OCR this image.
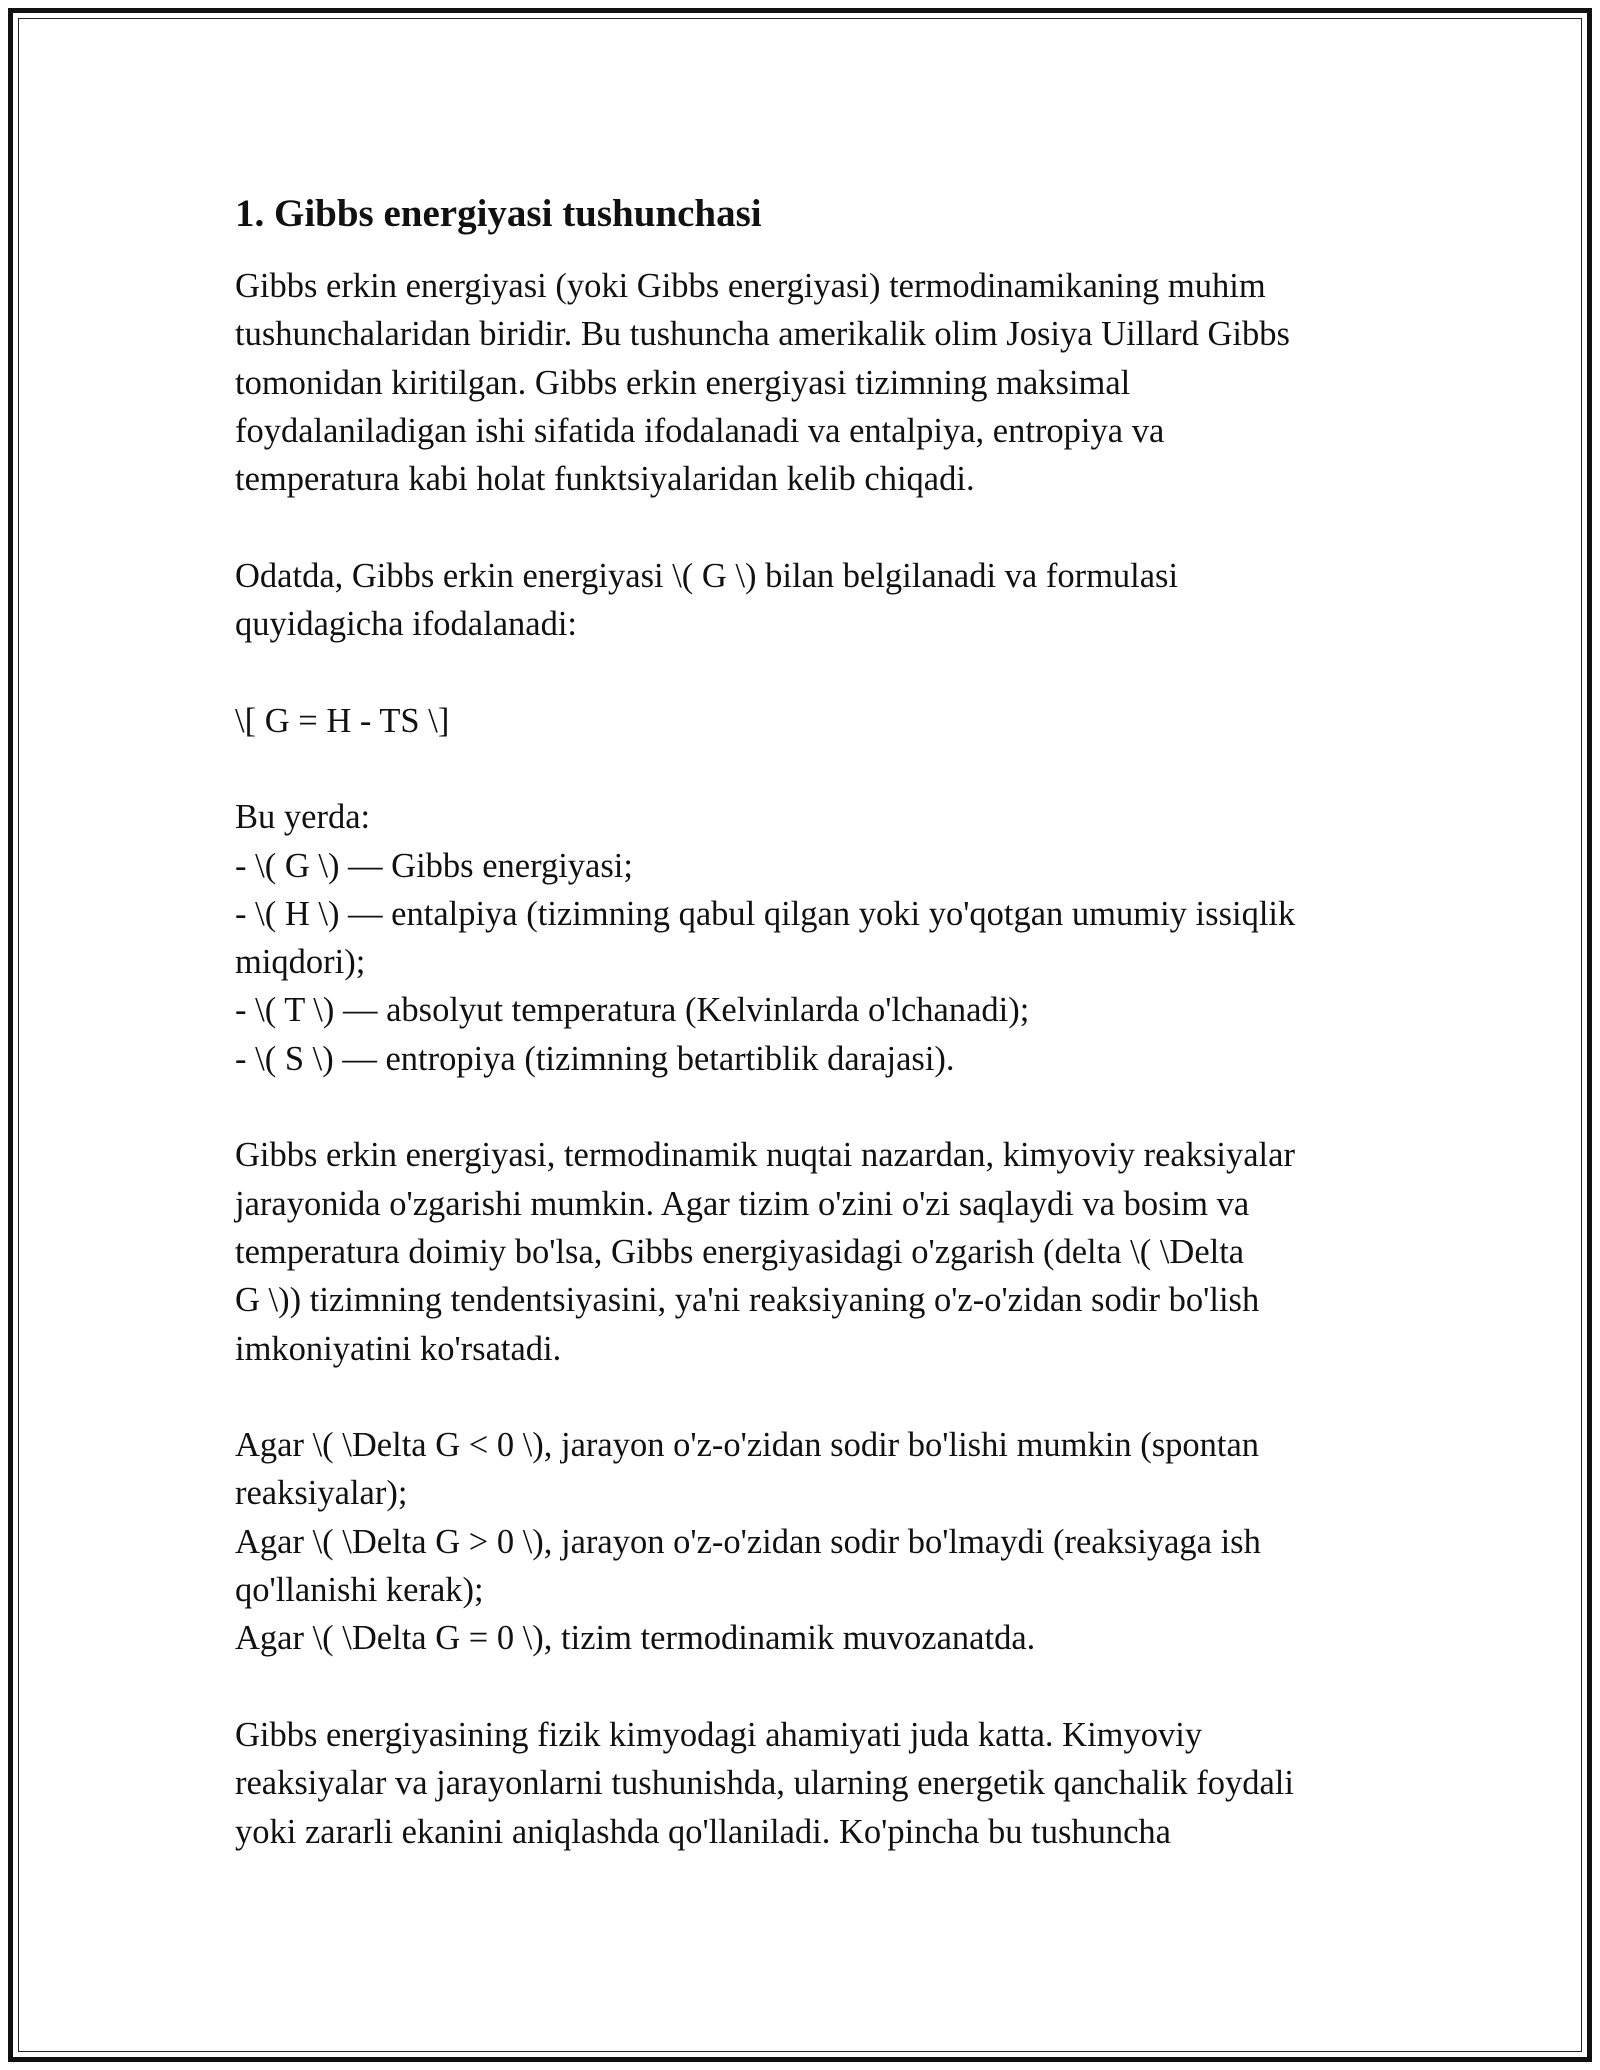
1. Gibbs energiyasi tushunchasi

Gibbs erkin energiyasi (yoki Gibbs energiyasi) termodinamikaning muhim
tushunchalaridan biridir. Bu tushuncha amerikalik olim Josiya Uillard Gibbs
tomonidan kiritilgan. Gibbs erkin energiyasi tizimning maksimal
foydalaniladigan ishi sifatida ifodalanadi va entalpiya, entropiya va
temperatura kabi holat funktsiyalaridan kelib chiqadi.

Odatda, Gibbs erkin energiyasi \( G \) bilan belgilanadi va formulasi
quyidagicha ifodalanadi:

\[ G = H - TS \]

Bu yerda:
- \( G \) — Gibbs energiyasi;
- \( H \) — entalpiya (tizimning qabul qilgan yoki yo'qotgan umumiy issiqlik
miqdori);
- \( T \) — absolyut temperatura (Kelvinlarda o'lchanadi);
- \( S \) — entropiya (tizimning betartiblik darajasi).

Gibbs erkin energiyasi, termodinamik nuqtai nazardan, kimyoviy reaksiyalar
jarayonida o'zgarishi mumkin. Agar tizim o'zini o'zi saqlaydi va bosim va
temperatura doimiy bo'lsa, Gibbs energiyasidagi o'zgarish (delta \( \Delta
G \)) tizimning tendentsiyasini, ya'ni reaksiyaning o'z-o'zidan sodir bo'lish
imkoniyatini ko'rsatadi.

Agar \( \Delta G < 0 \), jarayon o'z-o'zidan sodir bo'lishi mumkin (spontan
reaksiyalar);
Agar \( \Delta G > 0 \), jarayon o'z-o'zidan sodir bo'lmaydi (reaksiyaga ish
qo'llanishi kerak);
Agar \( \Delta G = 0 \), tizim termodinamik muvozanatda.

Gibbs energiyasining fizik kimyodagi ahamiyati juda katta. Kimyoviy
reaksiyalar va jarayonlarni tushunishda, ularning energetik qanchalik foydali
yoki zararli ekanini aniqlashda qo'llaniladi. Ko'pincha bu tushuncha
